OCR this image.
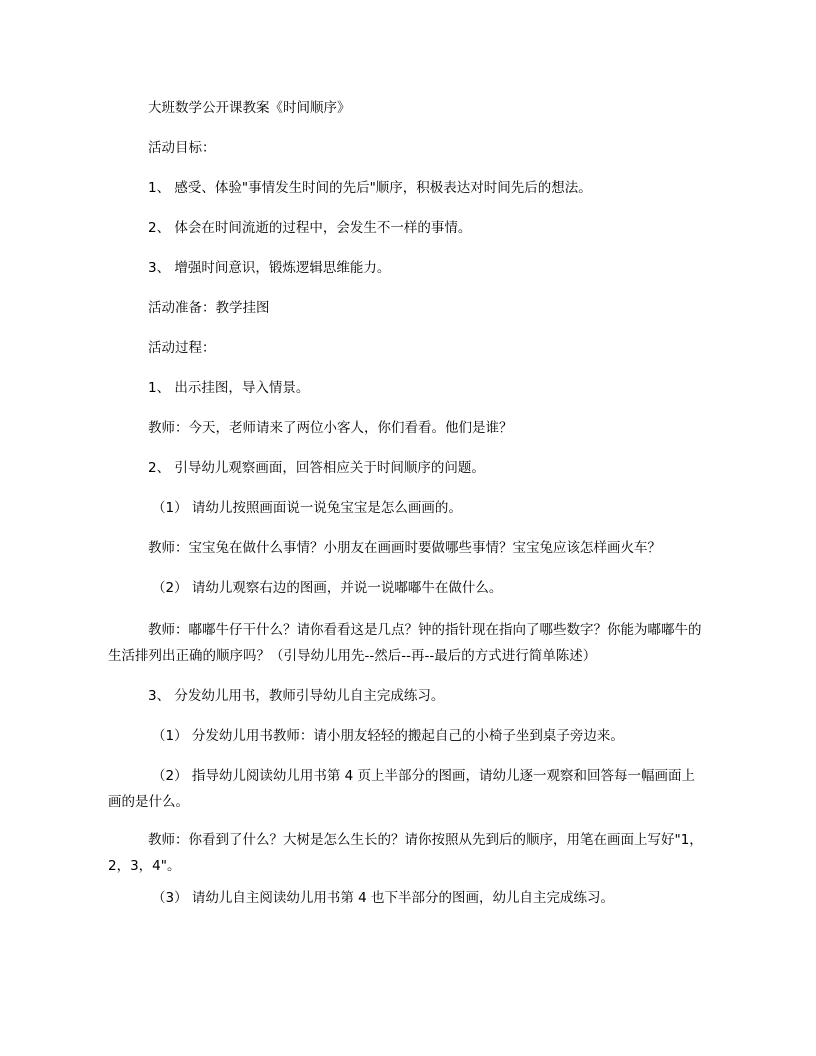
大班数学公开课教案《时间顺序》

活动目标：

1、 感受、体验"事情发生时间的先后"顺序，积极表达对时间先后的想法。

2、 体会在时间流逝的过程中，会发生不一样的事情。

3、 增强时间意识，锻炼逻辑思维能力。

活动准备：教学挂图

活动过程：

1、 出示挂图，导入情景。

教师：今天，老师请来了两位小客人，你们看看。他们是谁？

2、 引导幼儿观察画面，回答相应关于时间顺序的问题。

（1） 请幼儿按照画面说一说兔宝宝是怎么画画的。

教师：宝宝兔在做什么事情？小朋友在画画时要做哪些事情？宝宝兔应该怎样画火车？

（2） 请幼儿观察右边的图画，并说一说嘟嘟牛在做什么。

教师：嘟嘟牛仔干什么？请你看看这是几点？钟的指针现在指向了哪些数字？你能为嘟嘟牛的生活排列出正确的顺序吗？（引导幼儿用先--然后--再--最后的方式进行简单陈述）

3、 分发幼儿用书，教师引导幼儿自主完成练习。

（1） 分发幼儿用书教师：请小朋友轻轻的搬起自己的小椅子坐到桌子旁边来。

（2） 指导幼儿阅读幼儿用书第 4 页上半部分的图画，请幼儿逐一观察和回答每一幅画面上画的是什么。

教师：你看到了什么？大树是怎么生长的？请你按照从先到后的顺序，用笔在画面上写好"1，2，3，4"。

（3） 请幼儿自主阅读幼儿用书第 4 也下半部分的图画，幼儿自主完成练习。
